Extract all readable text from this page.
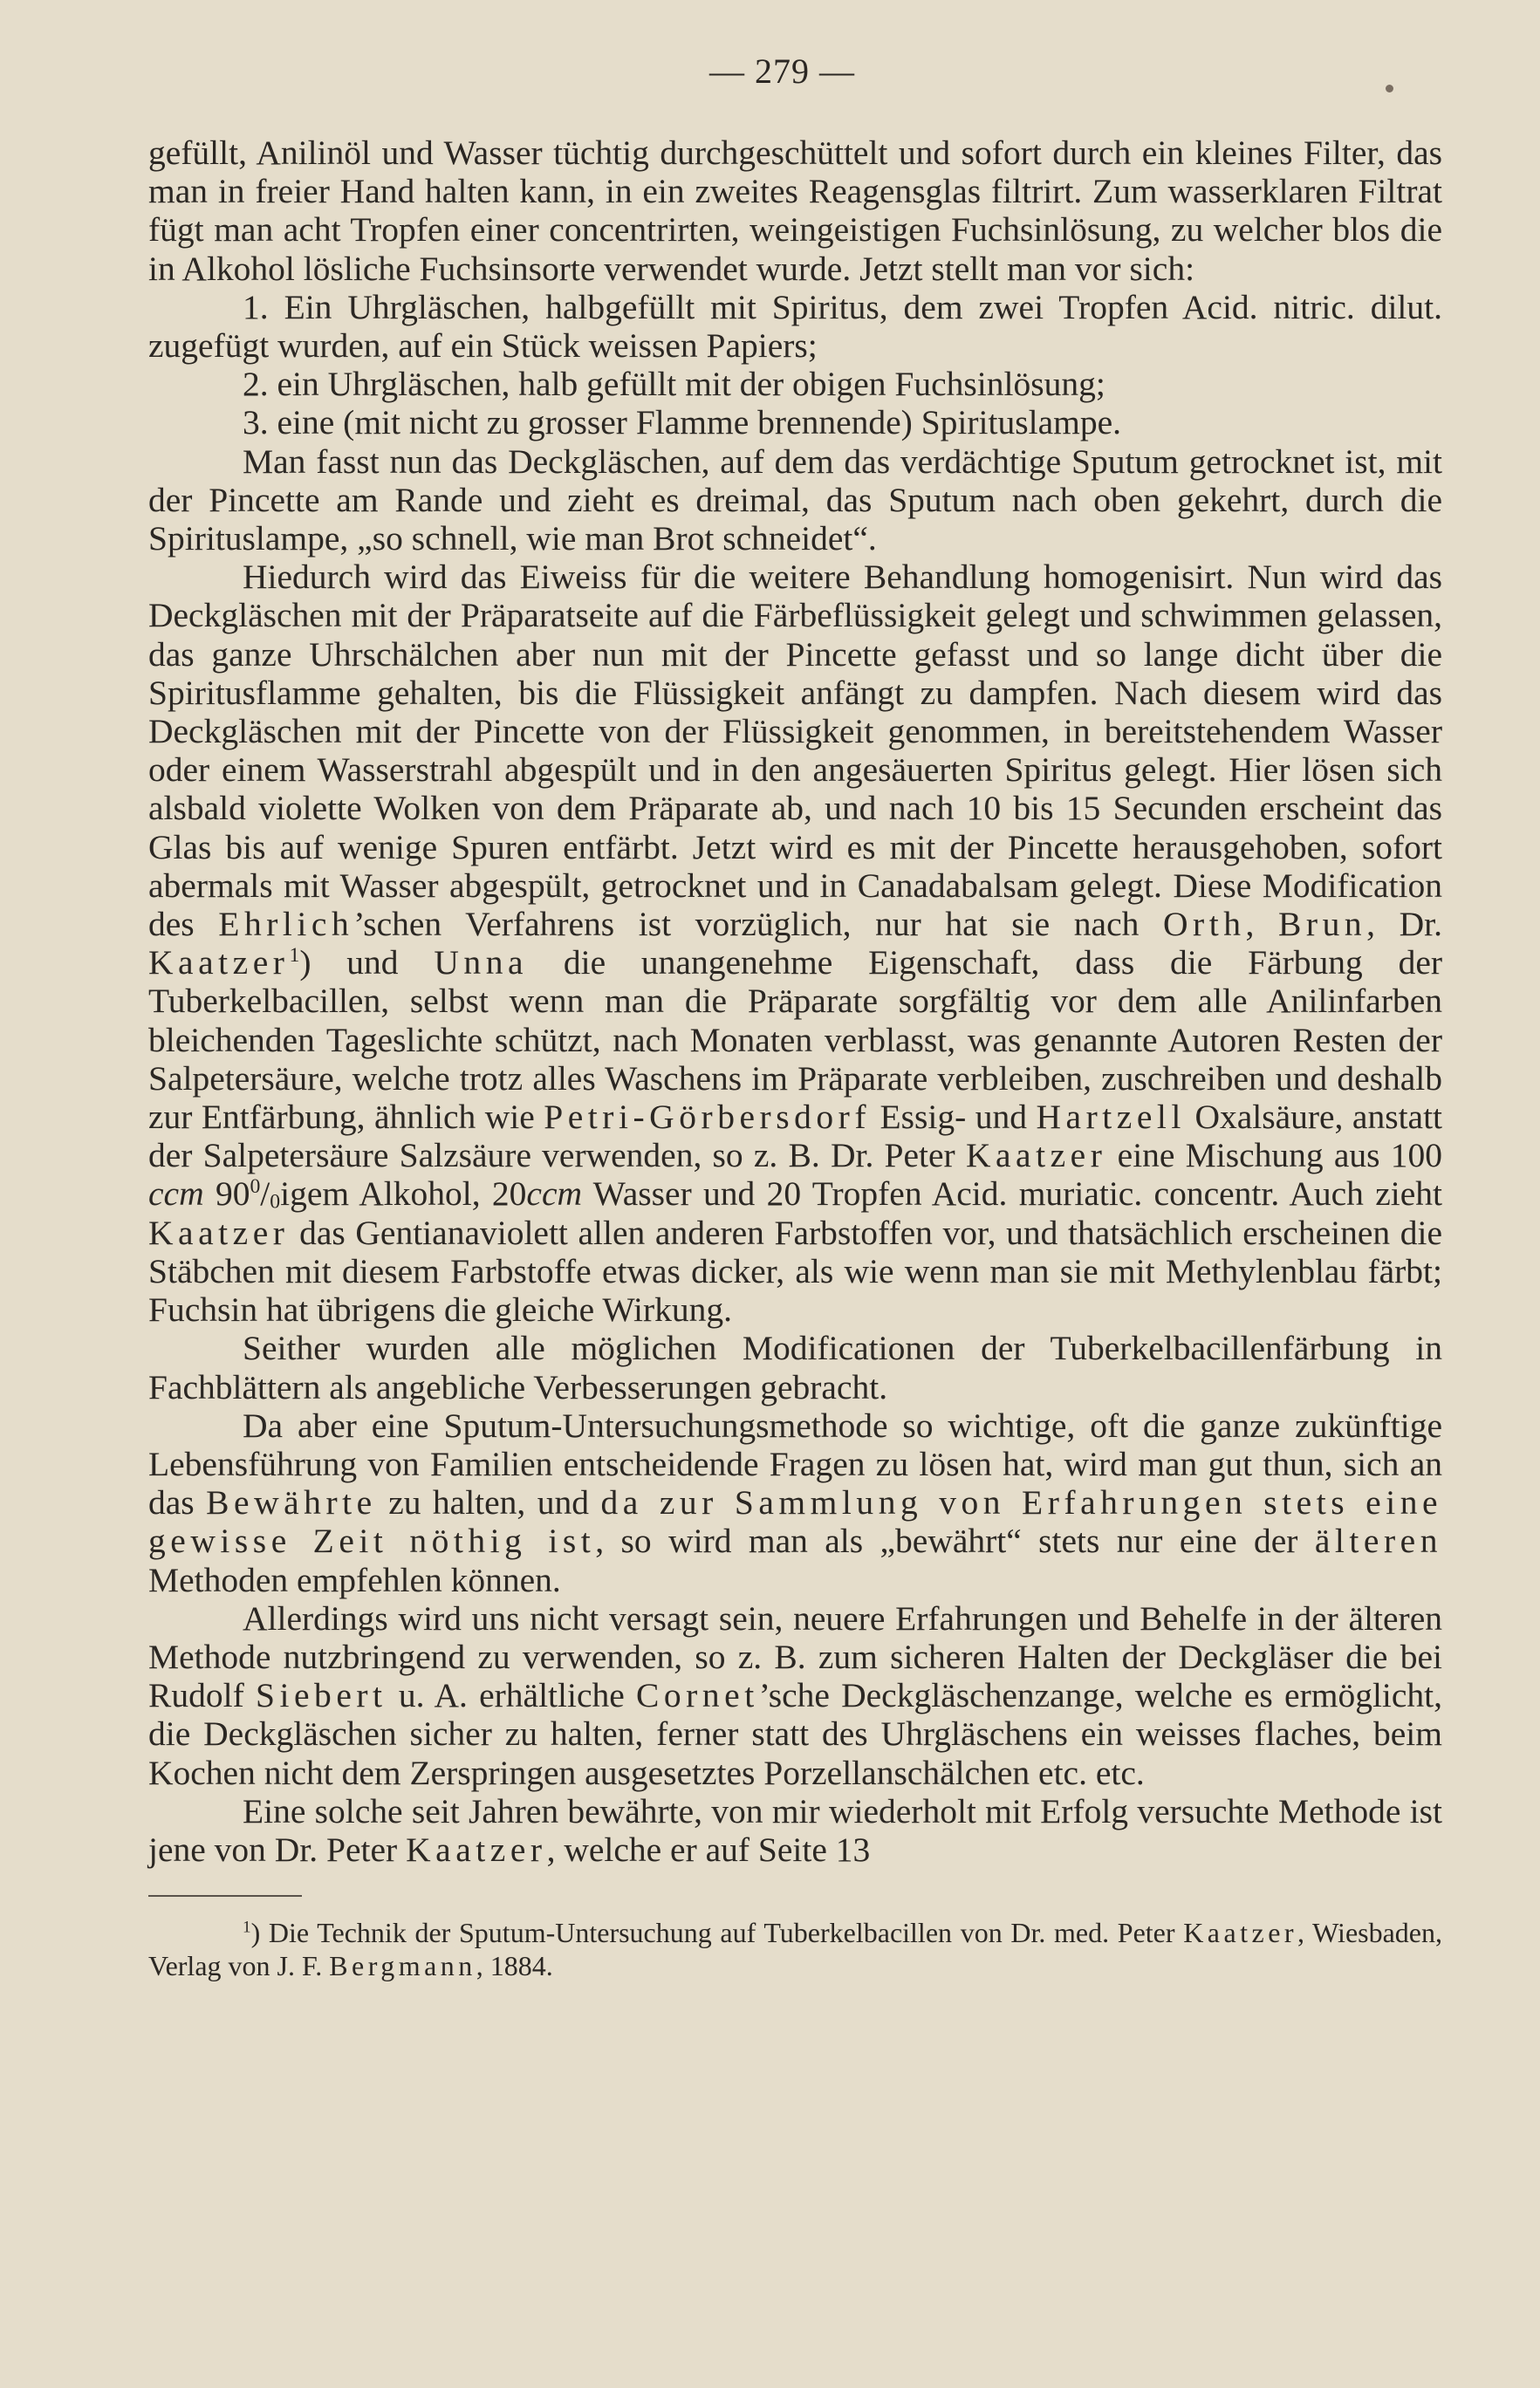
— 279 —

gefüllt, Anilinöl und Wasser tüchtig durchgeschüttelt und sofort durch ein kleines Filter, das man in freier Hand halten kann, in ein zweites Reagensglas filtrirt. Zum wasserklaren Filtrat fügt man acht Tropfen einer concentrirten, weingeistigen Fuchsinlösung, zu welcher blos die in Alkohol lösliche Fuchsinsorte verwendet wurde. Jetzt stellt man vor sich:

1. Ein Uhrgläschen, halbgefüllt mit Spiritus, dem zwei Tropfen Acid. nitric. dilut. zugefügt wurden, auf ein Stück weissen Papiers;

2. ein Uhrgläschen, halb gefüllt mit der obigen Fuchsinlösung;

3. eine (mit nicht zu grosser Flamme brennende) Spirituslampe.

Man fasst nun das Deckgläschen, auf dem das verdächtige Sputum getrocknet ist, mit der Pincette am Rande und zieht es dreimal, das Sputum nach oben gekehrt, durch die Spirituslampe, „so schnell, wie man Brot schneidet“.

Hiedurch wird das Eiweiss für die weitere Behandlung homogenisirt. Nun wird das Deckgläschen mit der Präparatseite auf die Färbeflüssigkeit gelegt und schwimmen gelassen, das ganze Uhrschälchen aber nun mit der Pincette gefasst und so lange dicht über die Spiritusflamme gehalten, bis die Flüssigkeit anfängt zu dampfen. Nach diesem wird das Deckgläschen mit der Pincette von der Flüssigkeit genommen, in bereitstehendem Wasser oder einem Wasserstrahl abgespült und in den angesäuerten Spiritus gelegt. Hier lösen sich alsbald violette Wolken von dem Präparate ab, und nach 10 bis 15 Secunden erscheint das Glas bis auf wenige Spuren entfärbt. Jetzt wird es mit der Pincette herausgehoben, sofort abermals mit Wasser abgespült, getrocknet und in Canadabalsam gelegt. Diese Modification des Ehrlich’schen Verfahrens ist vorzüglich, nur hat sie nach Orth, Brun, Dr. Kaatzer$^1$) und Unna die unangenehme Eigenschaft, dass die Färbung der Tuberkelbacillen, selbst wenn man die Präparate sorgfältig vor dem alle Anilinfarben bleichenden Tageslichte schützt, nach Monaten verblasst, was genannte Autoren Resten der Salpetersäure, welche trotz alles Waschens im Präparate verbleiben, zuschreiben und deshalb zur Entfärbung, ähnlich wie Petri-Görbersdorf Essig- und Hartzell Oxalsäure, anstatt der Salpetersäure Salzsäure verwenden, so z. B. Dr. Peter Kaatzer eine Mischung aus 100 ccm $90^0/_0igem$ Alkohol, 20ccm Wasser und 20 Tropfen Acid. muriatic. concentr. Auch zieht Kaatzer das Gentianaviolett allen anderen Farbstoffen vor, und thatsächlich erscheinen die Stäbchen mit diesem Farbstoffe etwas dicker, als wie wenn man sie mit Methylenblau färbt; Fuchsin hat übrigens die gleiche Wirkung.

Seither wurden alle möglichen Modificationen der Tuberkelbacillenfärbung in Fachblättern als angebliche Verbesserungen gebracht.

Da aber eine Sputum-Untersuchungsmethode so wichtige, oft die ganze zukünftige Lebensführung von Familien entscheidende Fragen zu lösen hat, wird man gut thun, sich an das Bewährte zu halten, und da zur Sammlung von Erfahrungen stets eine gewisse Zeit nöthig ist, so wird man als „bewährt“ stets nur eine der älteren Methoden empfehlen können.

Allerdings wird uns nicht versagt sein, neuere Erfahrungen und Behelfe in der älteren Methode nutzbringend zu verwenden, so z. B. zum sicheren Halten der Deckgläser die bei Rudolf Siebert u. A. erhältliche Cornet’sche Deckgläschenzange, welche es ermöglicht, die Deckgläschen sicher zu halten, ferner statt des Uhrgläschens ein weisses flaches, beim Kochen nicht dem Zerspringen ausgesetztes Porzellanschälchen etc. etc.

Eine solche seit Jahren bewährte, von mir wiederholt mit Erfolg versuchte Methode ist jene von Dr. Peter Kaatzer, welche er auf Seite 13

$^1$) Die Technik der Sputum-Untersuchung auf Tuberkelbacillen von Dr. med. Peter Kaatzer, Wiesbaden, Verlag von J. F. Bergmann, 1884.
